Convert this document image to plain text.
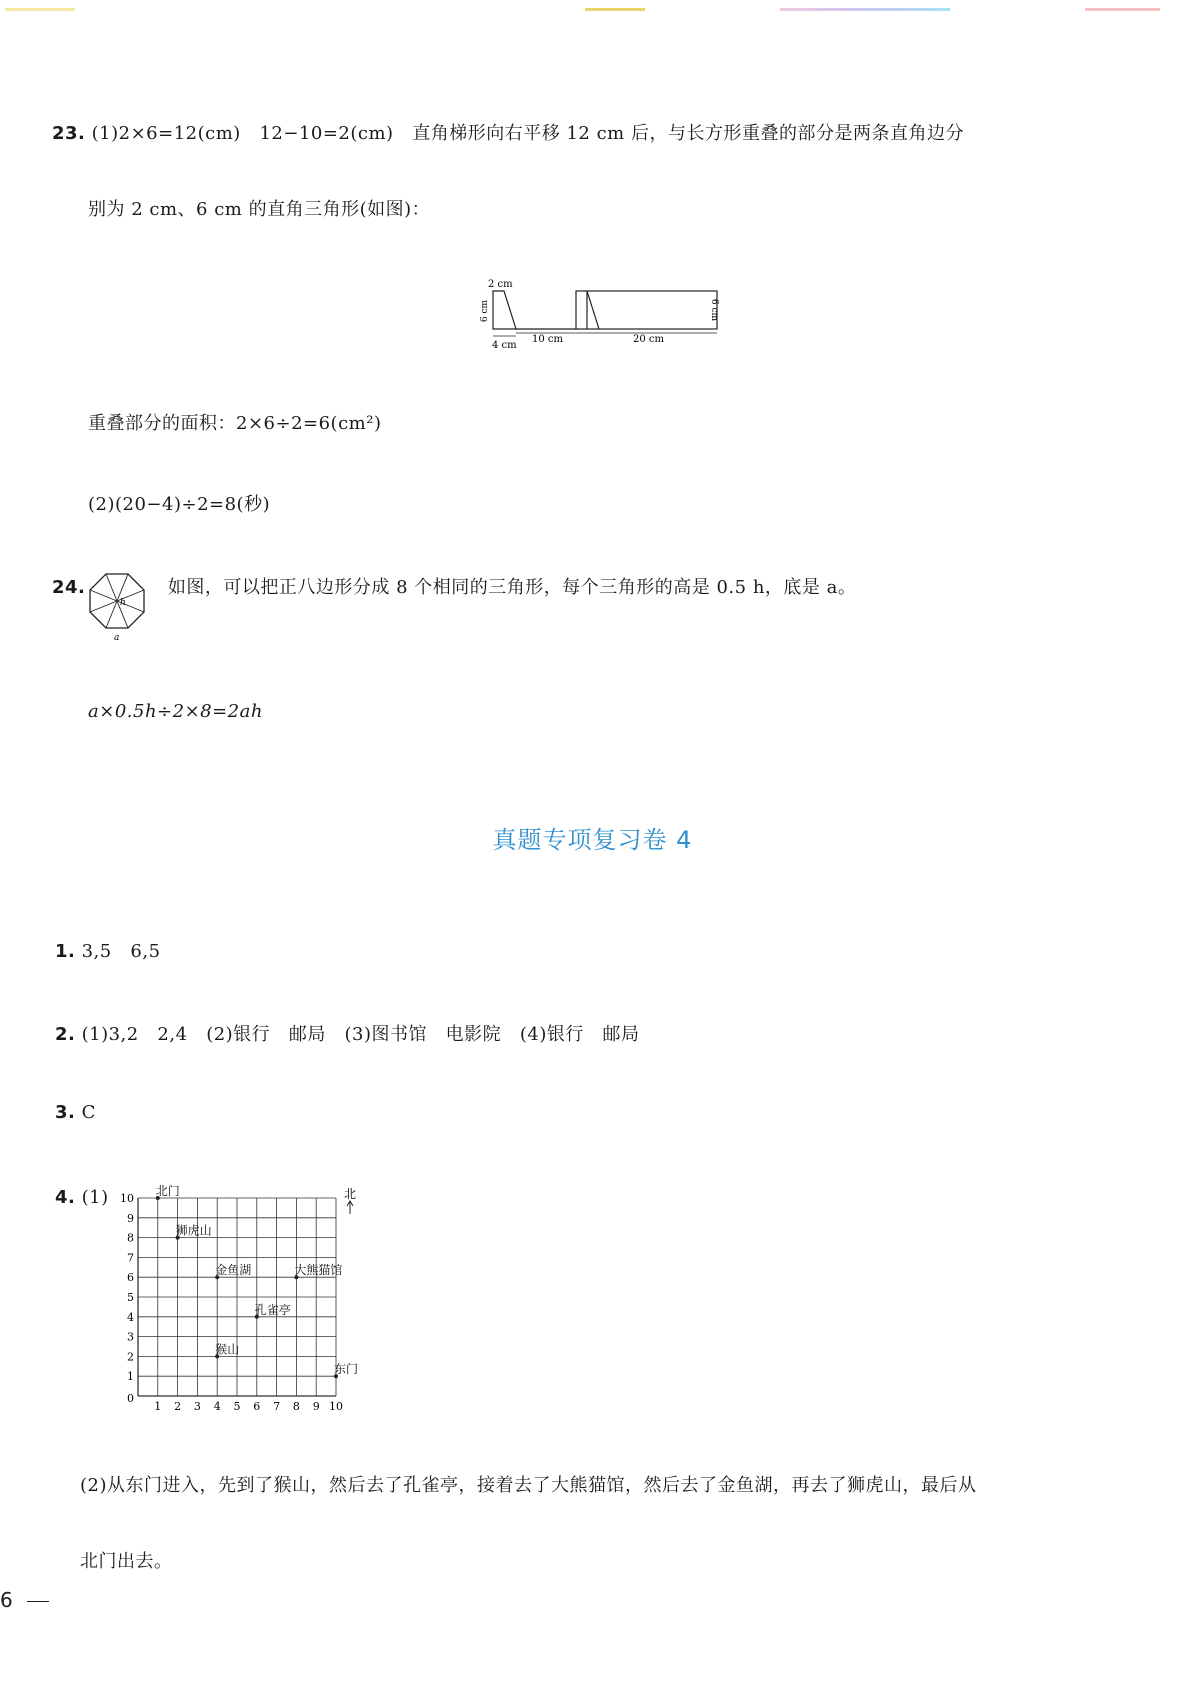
23. (1)2×6=12(cm)   12−10=2(cm)   直角梯形向右平移 12 cm 后，与长方形重叠的部分是两条直角边分
别为 2 cm、6 cm 的直角三角形(如图)：
2 cm
6 cm	6 cm
4 cm
10 cm	20 cm
重叠部分的面积：2×6÷2=6(cm²)
(2)(20−4)÷2=8(秒)
24.	如图，可以把正八边形分成 8 个相同的三角形，每个三角形的高是 0.5 h，底是 a。
h
a
a×0.5h÷2×8=2ah
真题专项复习卷 4
1. 3,5   6,5
2. (1)3,2   2,4   (2)银行   邮局   (3)图书馆   电影院   (4)银行   邮局
3. C
4. (1)
1 2 3 4 5 6 7 8 9 10
1
2
3
4
5
6
7
8
9
10
0
北
北门
狮虎山
金鱼湖	大熊猫馆
孔雀亭
猴山
东门
(2)从东门进入，先到了猴山，然后去了孔雀亭，接着去了大熊猫馆，然后去了金鱼湖，再去了狮虎山，最后从
北门出去。
6
